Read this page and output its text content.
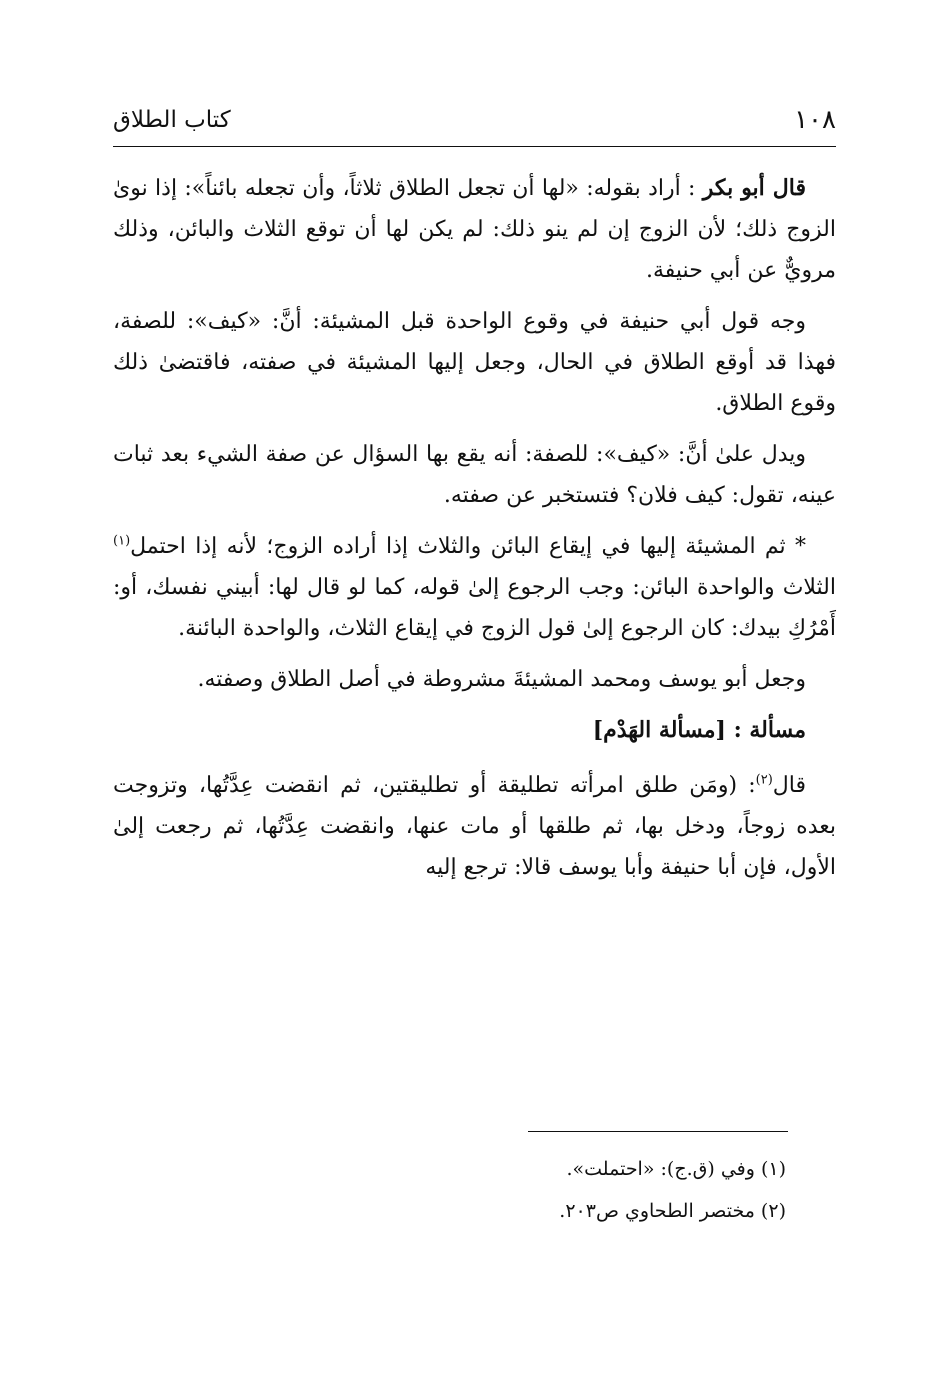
١٠٨
كتاب الطلاق

قال أبو بكر : أراد بقوله: «لها أن تجعل الطلاق ثلاثاً، وأن تجعله بائناً»: إذا نوىٰ الزوج ذلك؛ لأن الزوج إن لم ينو ذلك: لم يكن لها أن توقع الثلاث والبائن، وذلك مرويٌّ عن أبي حنيفة.

وجه قول أبي حنيفة في وقوع الواحدة قبل المشيئة: أنَّ: «كيف»: للصفة، فهذا قد أوقع الطلاق في الحال، وجعل إليها المشيئة في صفته، فاقتضىٰ ذلك وقوع الطلاق.

ويدل علىٰ أنَّ: «كيف»: للصفة: أنه يقع بها السؤال عن صفة الشيء بعد ثبات عينه، تقول: كيف فلان؟ فتستخبر عن صفته.

* ثم المشيئة إليها في إيقاع البائن والثلاث إذا أراده الزوج؛ لأنه إذا احتمل$^{(١)}$ الثلاث والواحدة البائن: وجب الرجوع إلىٰ قوله، كما لو قال لها: أبيني نفسك، أو: أَمْرُكِ بيدك: كان الرجوع إلىٰ قول الزوج في إيقاع الثلاث، والواحدة البائنة.

وجعل أبو يوسف ومحمد المشيئةَ مشروطة في أصل الطلاق وصفته.

مسألة : [مسألة الهَدْم]

قال$^{(٢)}$: (ومَن طلق امرأته تطليقة أو تطليقتين، ثم انقضت عِدَّتُها، وتزوجت بعده زوجاً، ودخل بها، ثم طلقها أو مات عنها، وانقضت عِدَّتُها، ثم رجعت إلىٰ الأول، فإن أبا حنيفة وأبا يوسف قالا: ترجع إليه

(١) وفي (ق.ج): «احتملت».

(٢) مختصر الطحاوي ص٢٠٣.
